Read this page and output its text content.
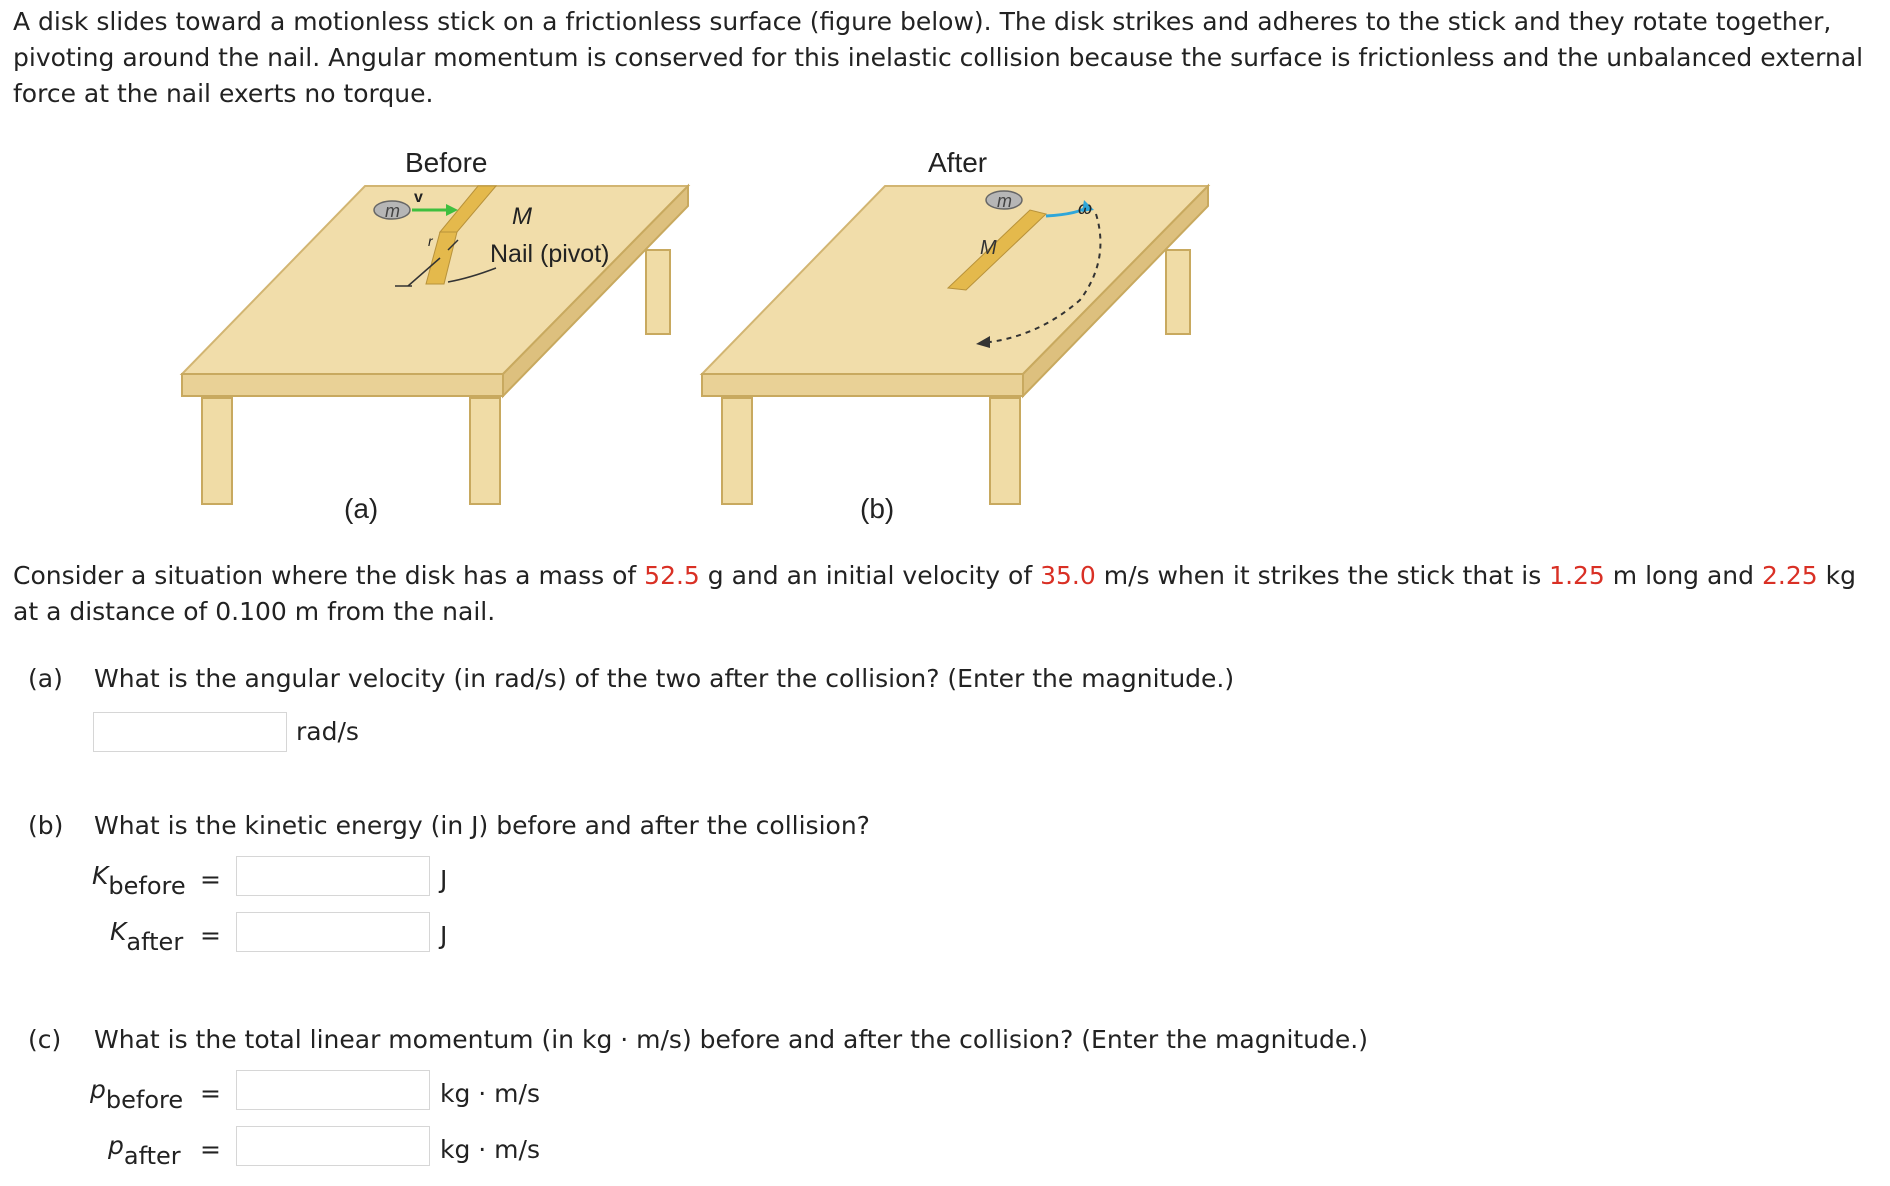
A disk slides toward a motionless stick on a frictionless surface (figure below). The disk strikes and adheres to the stick and they rotate together, pivoting around the nail. Angular momentum is conserved for this inelastic collision because the surface is frictionless and the unbalanced external force at the nail exerts no torque.
Before
m
v
r
M
Nail (pivot)
(a)
After
m
M
ω
(b)
Consider a situation where the disk has a mass of 52.5 g and an initial velocity of 35.0 m/s when it strikes the stick that is 1.25 m long and 2.25 kg at a distance of 0.100 m from the nail.
(a) What is the angular velocity (in rad/s) of the two after the collision? (Enter the magnitude.)
rad/s
(b) What is the kinetic energy (in J) before and after the collision?
$K_{before}$ =	J
$K_{after}$ =	J
(c) What is the total linear momentum (in kg · m/s) before and after the collision? (Enter the magnitude.)
$p_{before}$ =	kg · m/s
$p_{after}$ =	kg · m/s
